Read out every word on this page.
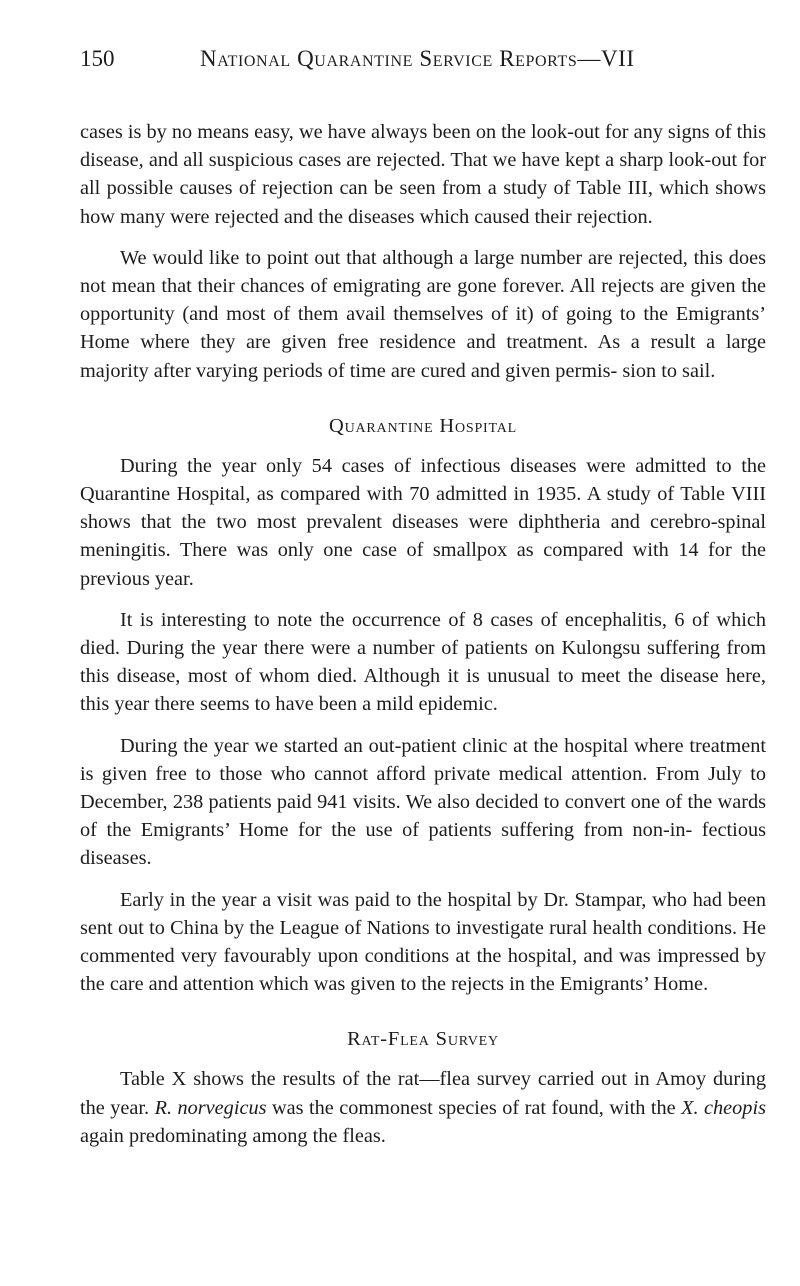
150	National Quarantine Service Reports—VII

cases is by no means easy, we have always been on the look-out for any signs of this disease, and all suspicious cases are rejected. That we have kept a sharp look-out for all possible causes of rejection can be seen from a study of Table III, which shows how many were rejected and the diseases which caused their rejection.

We would like to point out that although a large number are rejected, this does not mean that their chances of emigrating are gone forever. All rejects are given the opportunity (and most of them avail themselves of it) of going to the Emigrants’ Home where they are given free residence and treatment. As a result a large majority after varying periods of time are cured and given permis- sion to sail.

Quarantine Hospital

During the year only 54 cases of infectious diseases were admitted to the Quarantine Hospital, as compared with 70 admitted in 1935. A study of Table VIII shows that the two most prevalent diseases were diphtheria and cerebro-spinal meningitis. There was only one case of smallpox as compared with 14 for the previous year.

It is interesting to note the occurrence of 8 cases of encephalitis, 6 of which died. During the year there were a number of patients on Kulongsu suffering from this disease, most of whom died. Although it is unusual to meet the disease here, this year there seems to have been a mild epidemic.

During the year we started an out-patient clinic at the hospital where treatment is given free to those who cannot afford private medical attention. From July to December, 238 patients paid 941 visits. We also decided to convert one of the wards of the Emigrants’ Home for the use of patients suffering from non-in- fectious diseases.

Early in the year a visit was paid to the hospital by Dr. Stampar, who had been sent out to China by the League of Nations to investigate rural health conditions. He commented very favourably upon conditions at the hospital, and was impressed by the care and attention which was given to the rejects in the Emigrants’ Home.

Rat-Flea Survey

Table X shows the results of the rat—flea survey carried out in Amoy during the year. R. norvegicus was the commonest species of rat found, with the X. cheopis again predominating among the fleas.
